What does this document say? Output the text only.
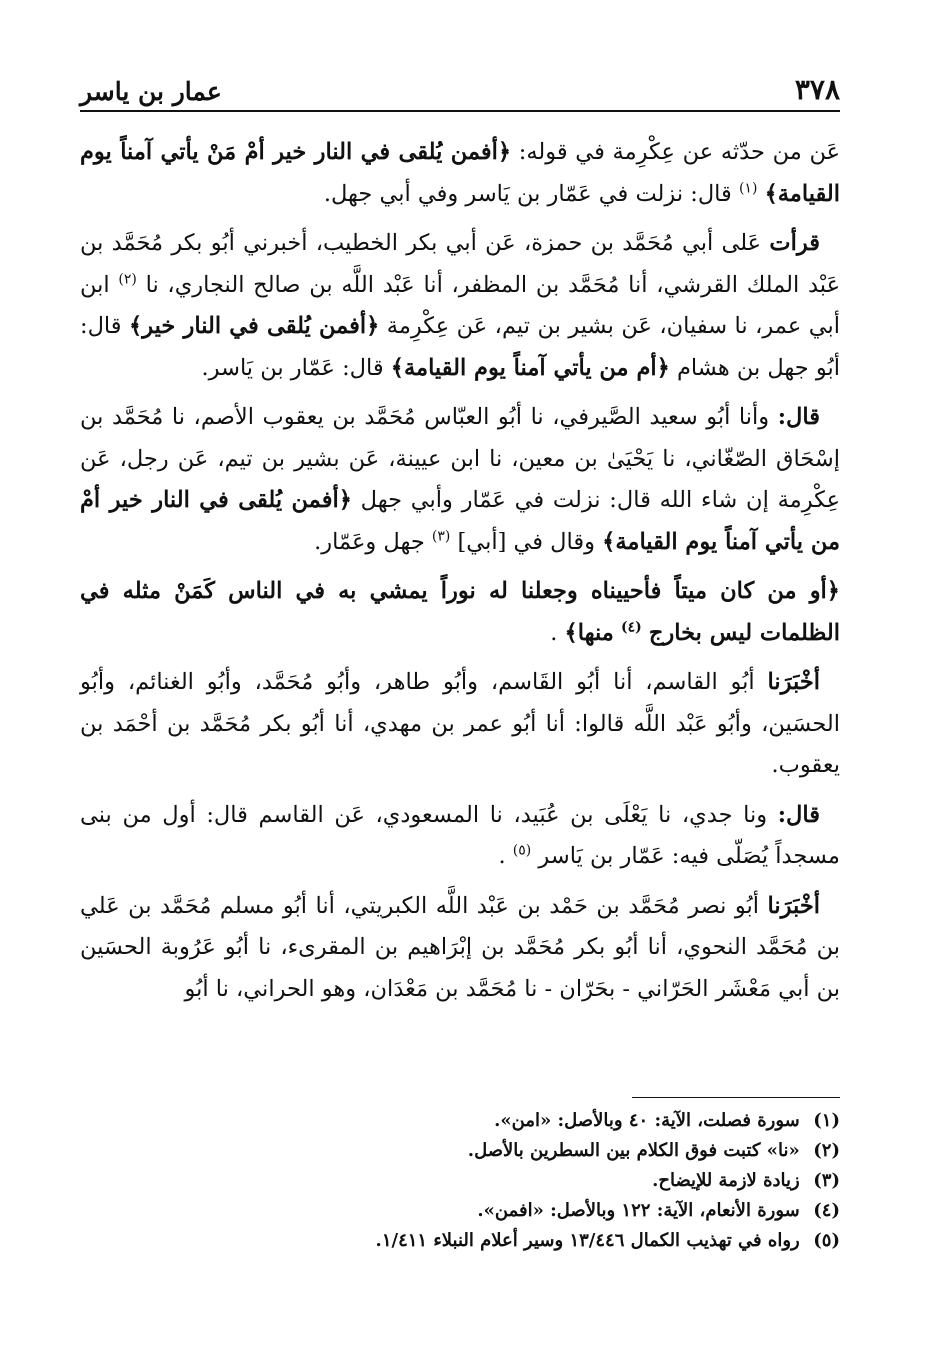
٣٧٨
عمار بن ياسر

عَن من حدّثه عن عِكْرِمة في قوله: ﴿أفمن يُلقى في النار خير أمْ مَنْ يأتي آمناً يوم القيامة﴾ $^{(١)}$ قال: نزلت في عَمّار بن يَاسر وفي أبي جهل.

قرأت عَلى أبي مُحَمَّد بن حمزة، عَن أبي بكر الخطيب، أخبرني أبُو بكر مُحَمَّد بن عَبْد الملك القرشي، أنا مُحَمَّد بن المظفر، أنا عَبْد اللَّه بن صالح النجاري، نا $^{(٢)}$ ابن أبي عمر، نا سفيان، عَن بشير بن تيم، عَن عِكْرِمة ﴿أفمن يُلقى في النار خير﴾ قال: أبُو جهل بن هشام ﴿أم من يأتي آمناً يوم القيامة﴾ قال: عَمّار بن يَاسر.

قال: وأنا أبُو سعيد الصَّيرفي، نا أبُو العبّاس مُحَمَّد بن يعقوب الأصم، نا مُحَمَّد بن إسْحَاق الصّغّاني، نا يَحْيَىٰ بن معين، نا ابن عيينة، عَن بشير بن تيم، عَن رجل، عَن عِكْرِمة إن شاء الله قال: نزلت في عَمّار وأبي جهل ﴿أفمن يُلقى في النار خير أمْ من يأتي آمناً يوم القيامة﴾ وقال في [أبي] $^{(٣)}$ جهل وعَمّار.

﴿أو من كان ميتاً فأحييناه وجعلنا له نوراً يمشي به في الناس كَمَنْ مثله في الظلمات ليس بخارج $^{(٤)}$ منها﴾ .

أخْبَرَنا أبُو القاسم، أنا أبُو القَاسم، وأبُو طاهر، وأبُو مُحَمَّد، وأبُو الغنائم، وأبُو الحسَين، وأبُو عَبْد اللَّه قالوا: أنا أبُو عمر بن مهدي، أنا أبُو بكر مُحَمَّد بن أحْمَد بن يعقوب.

قال: ونا جدي، نا يَعْلَى بن عُبَيد، نا المسعودي، عَن القاسم قال: أول من بنى مسجداً يُصَلّى فيه: عَمّار بن يَاسر $^{(٥)}$ .

أخْبَرَنا أبُو نصر مُحَمَّد بن حَمْد بن عَبْد اللَّه الكبريتي، أنا أبُو مسلم مُحَمَّد بن عَلي بن مُحَمَّد النحوي، أنا أبُو بكر مُحَمَّد بن إبْرَاهيم بن المقرىء، نا أبُو عَرُوبة الحسَين بن أبي مَعْشَر الحَرّاني - بحَرّان - نا مُحَمَّد بن مَعْدَان، وهو الحراني، نا أبُو

(١) سورة فصلت، الآية: ٤٠ وبالأصل: «امن».
(٢) «نا» كتبت فوق الكلام بين السطرين بالأصل.
(٣) زيادة لازمة للإيضاح.
(٤) سورة الأنعام، الآية: ١٢٢ وبالأصل: «افمن».
(٥) رواه في تهذيب الكمال ١٣/٤٤٦ وسير أعلام النبلاء ١/٤١١.
